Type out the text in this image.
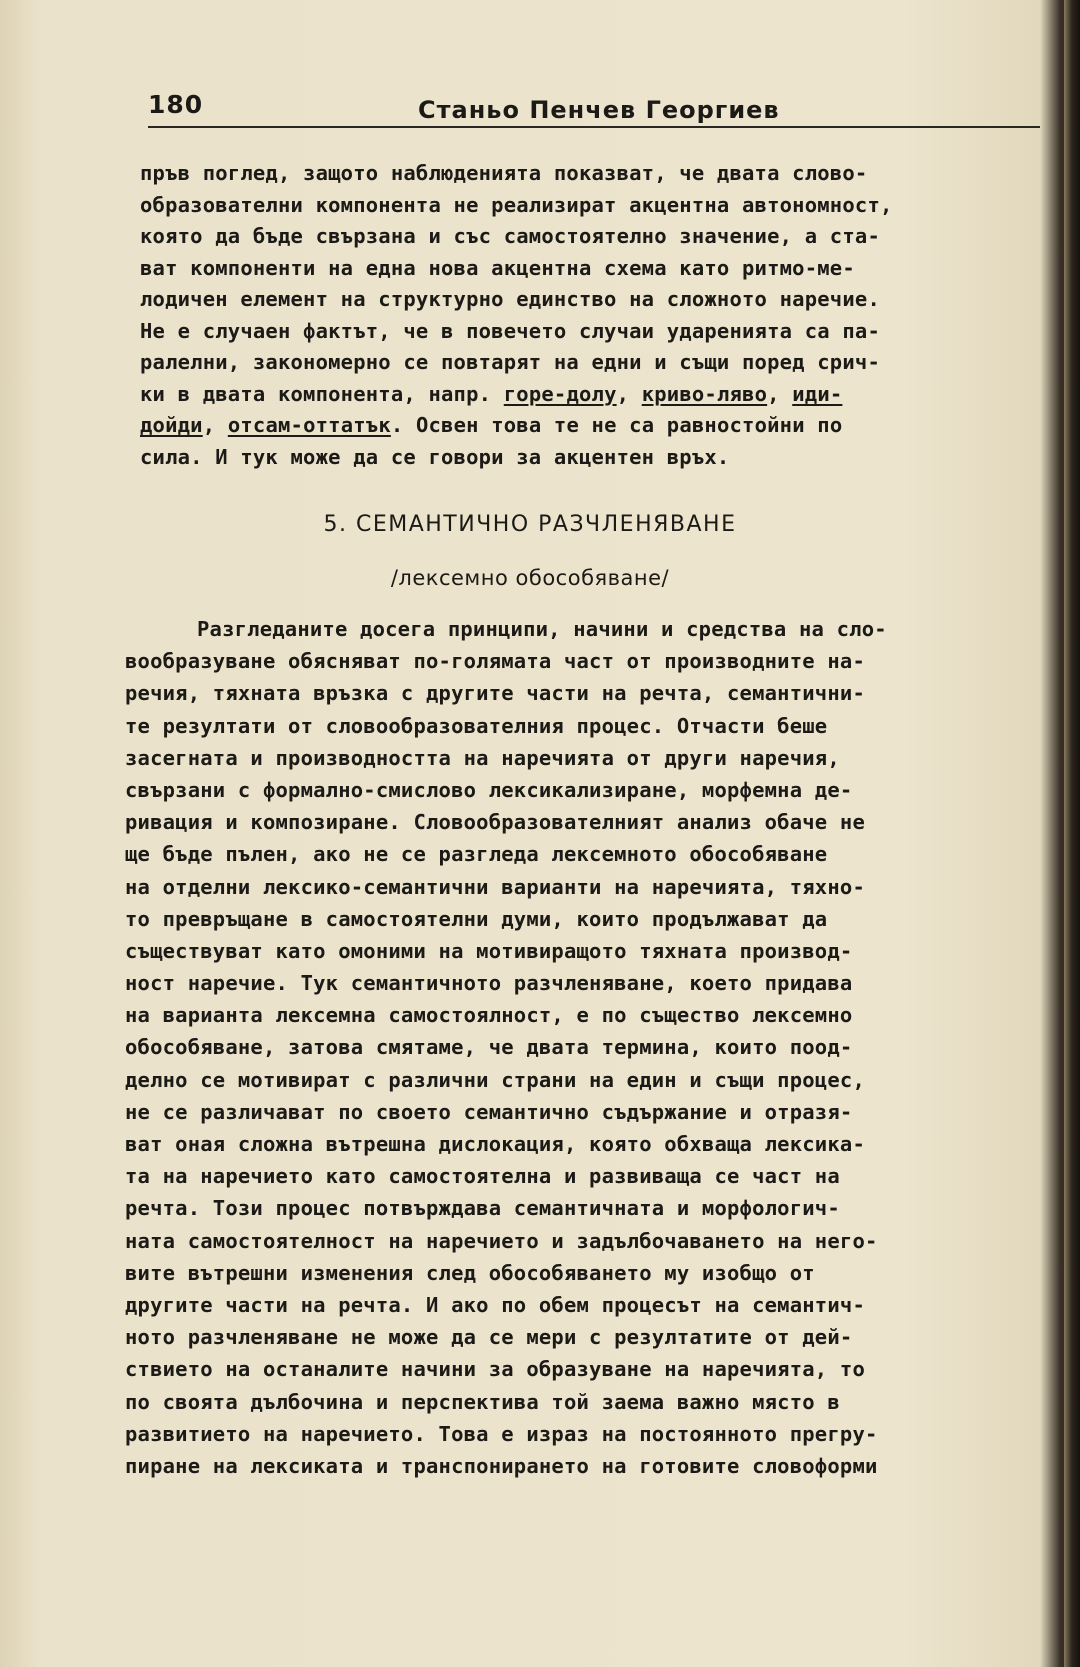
180	Станьо Пенчев Георгиев
пръв поглед, защото наблюденията показват, че двата слово-
образователни компонента не реализират акцентна автономност,
която да бъде свързана и със самостоятелно значение, а ста-
ват компоненти на една нова акцентна схема като ритмо-ме-
лодичен елемент на структурно единство на сложното наречие.
Не е случаен фактът, че в повечето случаи ударенията са па-
ралелни, закономерно се повтарят на едни и същи поред срич-
ки в двата компонента, напр. горе-долу, криво-ляво, иди-
дойди, отсам-оттатък. Освен това те не са равностойни по
сила. И тук може да се говори за акцентен връх.
5. СЕМАНТИЧНО РАЗЧЛЕНЯВАНЕ
/лексемно обособяване/
Разгледаните досега принципи, начини и средства на сло-
вообразуване обясняват по-голямата част от производните на-
речия, тяхната връзка с другите части на речта, семантични-
те резултати от словообразователния процес. Отчасти беше
засегната и производността на наречията от други наречия,
свързани с формално-смислово лексикализиране, морфемна де-
ривация и композиране. Словообразователният анализ обаче не
ще бъде пълен, ако не се разгледа лексемното обособяване
на отделни лексико-семантични варианти на наречията, тяхно-
то превръщане в самостоятелни думи, които продължават да
съществуват като омоними на мотивиращото тяхната производ-
ност наречие. Тук семантичното разчленяване, което придава
на варианта лексемна самостоялност, е по същество лексемно
обособяване, затова смятаме, че двата термина, които поод-
делно се мотивират с различни страни на един и същи процес,
не се различават по своето семантично съдържание и отразя-
ват оная сложна вътрешна дислокация, която обхваща лексика-
та на наречието като самостоятелна и развиваща се част на
речта. Този процес потвърждава семантичната и морфологич-
ната самостоятелност на наречието и задълбочаването на него-
вите вътрешни изменения след обособяването му изобщо от
другите части на речта. И ако по обем процесът на семантич-
ното разчленяване не може да се мери с резултатите от дей-
ствието на останалите начини за образуване на наречията, то
по своята дълбочина и перспектива той заема важно място в
развитието на наречието. Това е израз на постоянното прегру-
пиране на лексиката и транспонирането на готовите словоформи
